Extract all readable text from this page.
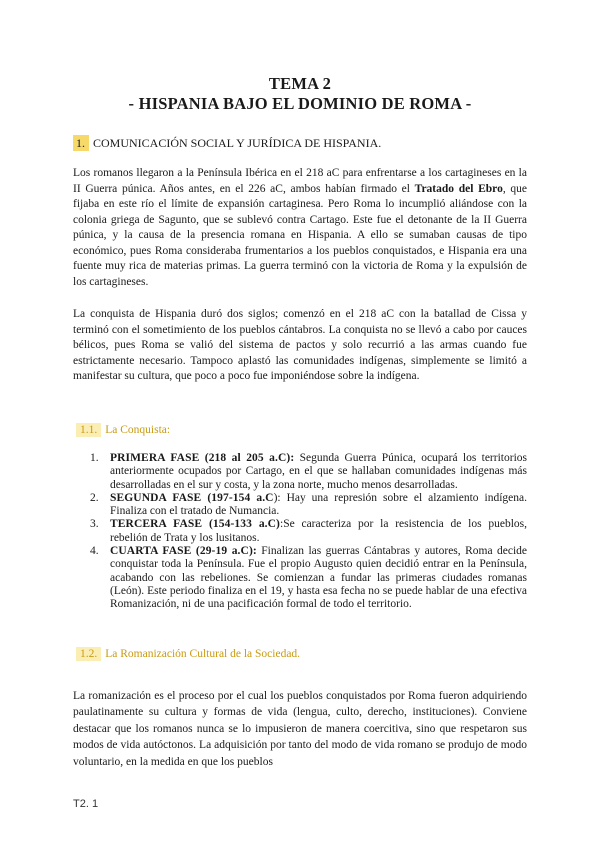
TEMA 2
- HISPANIA BAJO EL DOMINIO DE ROMA -
1. COMUNICACIÓN SOCIAL Y JURÍDICA DE HISPANIA.

Los romanos llegaron a la Península Ibérica en el 218 aC para enfrentarse a los cartagineses en la II Guerra púnica. Años antes, en el 226 aC, ambos habían firmado el Tratado del Ebro, que fijaba en este río el límite de expansión cartaginesa. Pero Roma lo incumplió aliándose con la colonia griega de Sagunto, que se sublevó contra Cartago. Este fue el detonante de la II Guerra púnica, y la causa de la presencia romana en Hispania. A ello se sumaban causas de tipo económico, pues Roma consideraba frumentarios a los pueblos conquistados, e Hispania era una fuente muy rica de materias primas. La guerra terminó con la victoria de Roma y la expulsión de los cartagineses.

La conquista de Hispania duró dos siglos; comenzó en el 218 aC con la batallad de Cissa y terminó con el sometimiento de los pueblos cántabros. La conquista no se llevó a cabo por cauces bélicos, pues Roma se valió del sistema de pactos y solo recurrió a las armas cuando fue estrictamente necesario. Tampoco aplastó las comunidades indígenas, simplemente se limitó a manifestar su cultura, que poco a poco fue imponiéndose sobre la indígena.

1.1. La Conquista:
1. PRIMERA FASE (218 al 205 a.C): Segunda Guerra Púnica, ocupará los territorios anteriormente ocupados por Cartago, en el que se hallaban comunidades indígenas más desarrolladas en el sur y costa, y la zona norte, mucho menos desarrolladas.
2. SEGUNDA FASE (197-154 a.C): Hay una represión sobre el alzamiento indígena. Finaliza con el tratado de Numancia.
3. TERCERA FASE (154-133 a.C):Se caracteriza por la resistencia de los pueblos, rebelión de Trata y los lusitanos.
4. CUARTA FASE (29-19 a.C): Finalizan las guerras Cántabras y autores, Roma decide conquistar toda la Península. Fue el propio Augusto quien decidió entrar en la Península, acabando con las rebeliones. Se comienzan a fundar las primeras ciudades romanas (León). Este periodo finaliza en el 19, y hasta esa fecha no se puede hablar de una efectiva Romanización, ni de una pacificación formal de todo el territorio.
1.2. La Romanización Cultural de la Sociedad.

La romanización es el proceso por el cual los pueblos conquistados por Roma fueron adquiriendo paulatinamente su cultura y formas de vida (lengua, culto, derecho, instituciones). Conviene destacar que los romanos nunca se lo impusieron de manera coercitiva, sino que respetaron sus modos de vida autóctonos. La adquisición por tanto del modo de vida romano se produjo de modo voluntario, en la medida en que los pueblos

T2. 1
